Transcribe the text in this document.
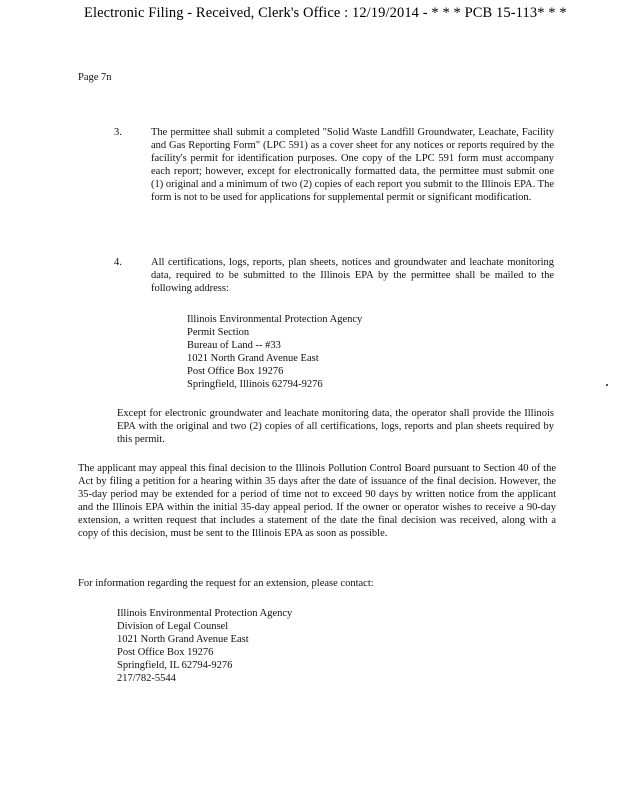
Electronic Filing - Received, Clerk's Office : 12/19/2014 - * * * PCB 15-113* * *
Page 7n
3.	The permittee shall submit a completed "Solid Waste Landfill Groundwater, Leachate, Facility and Gas Reporting Form" (LPC 591) as a cover sheet for any notices or reports required by the facility's permit for identification purposes. One copy of the LPC 591 form must accompany each report; however, except for electronically formatted data, the permittee must submit one (1) original and a minimum of two (2) copies of each report you submit to the Illinois EPA. The form is not to be used for applications for supplemental permit or significant modification.
4.	All certifications, logs, reports, plan sheets, notices and groundwater and leachate monitoring data, required to be submitted to the Illinois EPA by the permittee shall be mailed to the following address:
Illinois Environmental Protection Agency
Permit Section
Bureau of Land -- #33
1021 North Grand Avenue East
Post Office Box 19276
Springfield, Illinois 62794-9276
Except for electronic groundwater and leachate monitoring data, the operator shall provide the Illinois EPA with the original and two (2) copies of all certifications, logs, reports and plan sheets required by this permit.
The applicant may appeal this final decision to the Illinois Pollution Control Board pursuant to Section 40 of the Act by filing a petition for a hearing within 35 days after the date of issuance of the final decision. However, the 35-day period may be extended for a period of time not to exceed 90 days by written notice from the applicant and the Illinois EPA within the initial 35-day appeal period. If the owner or operator wishes to receive a 90-day extension, a written request that includes a statement of the date the final decision was received, along with a copy of this decision, must be sent to the Illinois EPA as soon as possible.
For information regarding the request for an extension, please contact:
Illinois Environmental Protection Agency
Division of Legal Counsel
1021 North Grand Avenue East
Post Office Box 19276
Springfield, IL 62794-9276
217/782-5544
